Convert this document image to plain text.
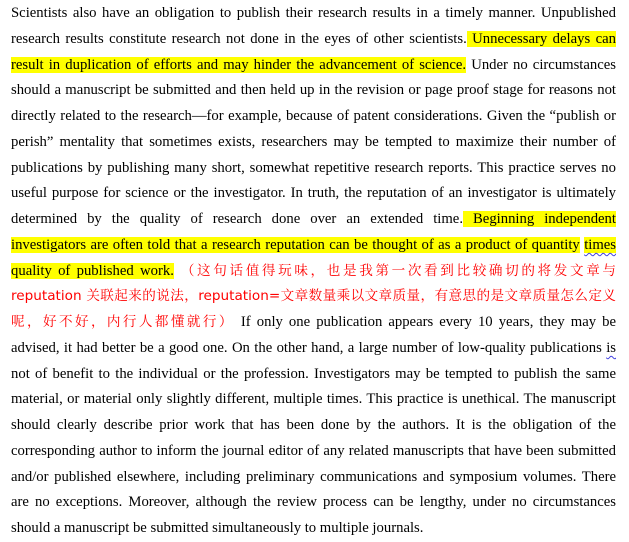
Scientists also have an obligation to publish their research results in a timely manner. Unpublished
research results constitute research not done in the eyes of other scientists. Unnecessary delays can
result in duplication of efforts and may hinder the advancement of science. Under no circumstances
should a manuscript be submitted and then held up in the revision or page proof stage for reasons not
directly related to the research—for example, because of patent considerations. Given the “publish or
perish” mentality that sometimes exists, researchers may be tempted to maximize their number of
publications by publishing many short, somewhat repetitive research reports. This practice serves no
useful purpose for science or the investigator. In truth, the reputation of an investigator is ultimately
determined by the quality of research done over an extended time. Beginning independent
investigators are often told that a research reputation can be thought of as a product of quantity times
quality of published work. （这句话值得玩味，也是我第一次看到比较确切的将发文章与
reputation 关联起来的说法，reputation=文章数量乘以文章质量，有意思的是文章质量怎么定义
呢，好不好，内行人都懂就行） If only one publication appears every 10 years, they may be
advised, it had better be a good one. On the other hand, a large number of low-quality publications is
not of benefit to the individual or the profession. Investigators may be tempted to publish the same
material, or material only slightly different, multiple times. This practice is unethical. The manuscript
should clearly describe prior work that has been done by the authors. It is the obligation of the
corresponding author to inform the journal editor of any related manuscripts that have been submitted
and/or published elsewhere, including preliminary communications and symposium volumes. There
are no exceptions. Moreover, although the review process can be lengthy, under no circumstances
should a manuscript be submitted simultaneously to multiple journals.
